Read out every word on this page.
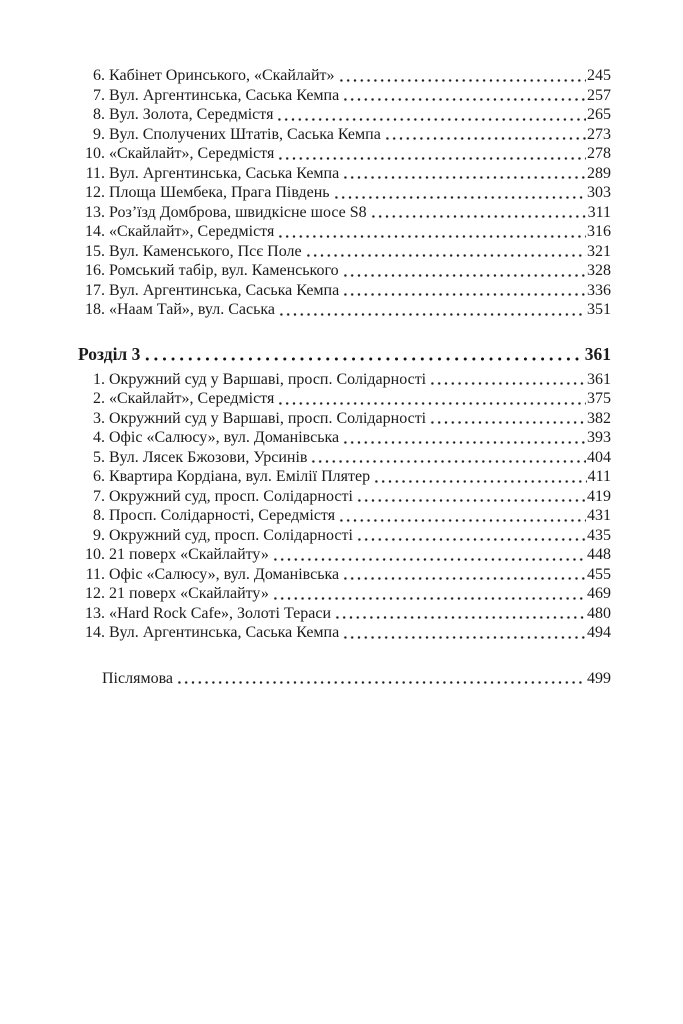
6. Кабінет Оринського, «Скайлайт»	245
7. Вул. Аргентинська, Саська Кемпа	257
8. Вул. Золота, Середмістя	265
9. Вул. Сполучених Штатів, Саська Кемпа	273
10. «Скайлайт», Середмістя	278
11. Вул. Аргентинська, Саська Кемпа	289
12. Площа Шембека, Прага Південь	303
13. Роз’їзд Домброва, швидкісне шосе S8	311
14. «Скайлайт», Середмістя	316
15. Вул. Каменського, Псє Поле	321
16. Ромський табір, вул. Каменського	328
17. Вул. Аргентинська, Саська Кемпа	336
18. «Наам Тай», вул. Саська	351
Розділ 3	361
1. Окружний суд у Варшаві, просп. Солідарності	361
2. «Скайлайт», Середмістя	375
3. Окружний суд у Варшаві, просп. Солідарності	382
4. Офіс «Салюсу», вул. Доманівська	393
5. Вул. Лясек Бжозови, Урсинів	404
6. Квартира Кордіана, вул. Емілії Плятер	411
7. Окружний суд, просп. Солідарності	419
8. Просп. Солідарності, Середмістя	431
9. Окружний суд, просп. Солідарності	435
10. 21 поверх «Скайлайту»	448
11. Офіс «Салюсу», вул. Доманівська	455
12. 21 поверх «Скайлайту»	469
13. «Hard Rock Cafe», Золоті Тераси	480
14. Вул. Аргентинська, Саська Кемпа	494
Післямова	499
